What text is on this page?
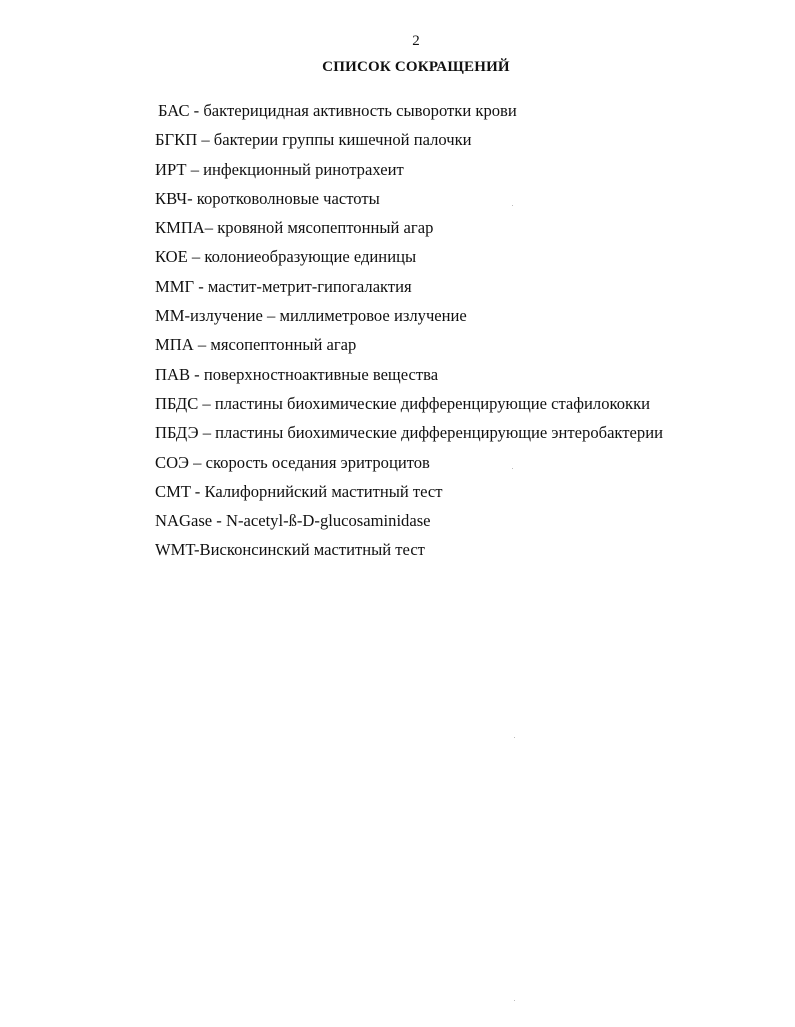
2
СПИСОК СОКРАЩЕНИЙ
БАС - бактерицидная активность сыворотки крови
БГКП – бактерии группы кишечной палочки
ИРТ – инфекционный ринотрахеит
КВЧ- коротковолновые частоты
КМПА– кровяной мясопептонный агар
КОЕ – колониеобразующие единицы
ММГ - мастит-метрит-гипогалактия
ММ-излучение – миллиметровое излучение
МПА – мясопептонный агар
ПАВ - поверхностноактивные вещества
ПБДС – пластины биохимические дифференцирующие стафилококки
ПБДЭ – пластины биохимические дифференцирующие энтеробактерии
СОЭ – скорость оседания эритроцитов
CMT - Калифорнийский маститный тест
NAGase - N-acetyl-ß-D-glucosaminidase
WMT-Висконсинский маститный тест
